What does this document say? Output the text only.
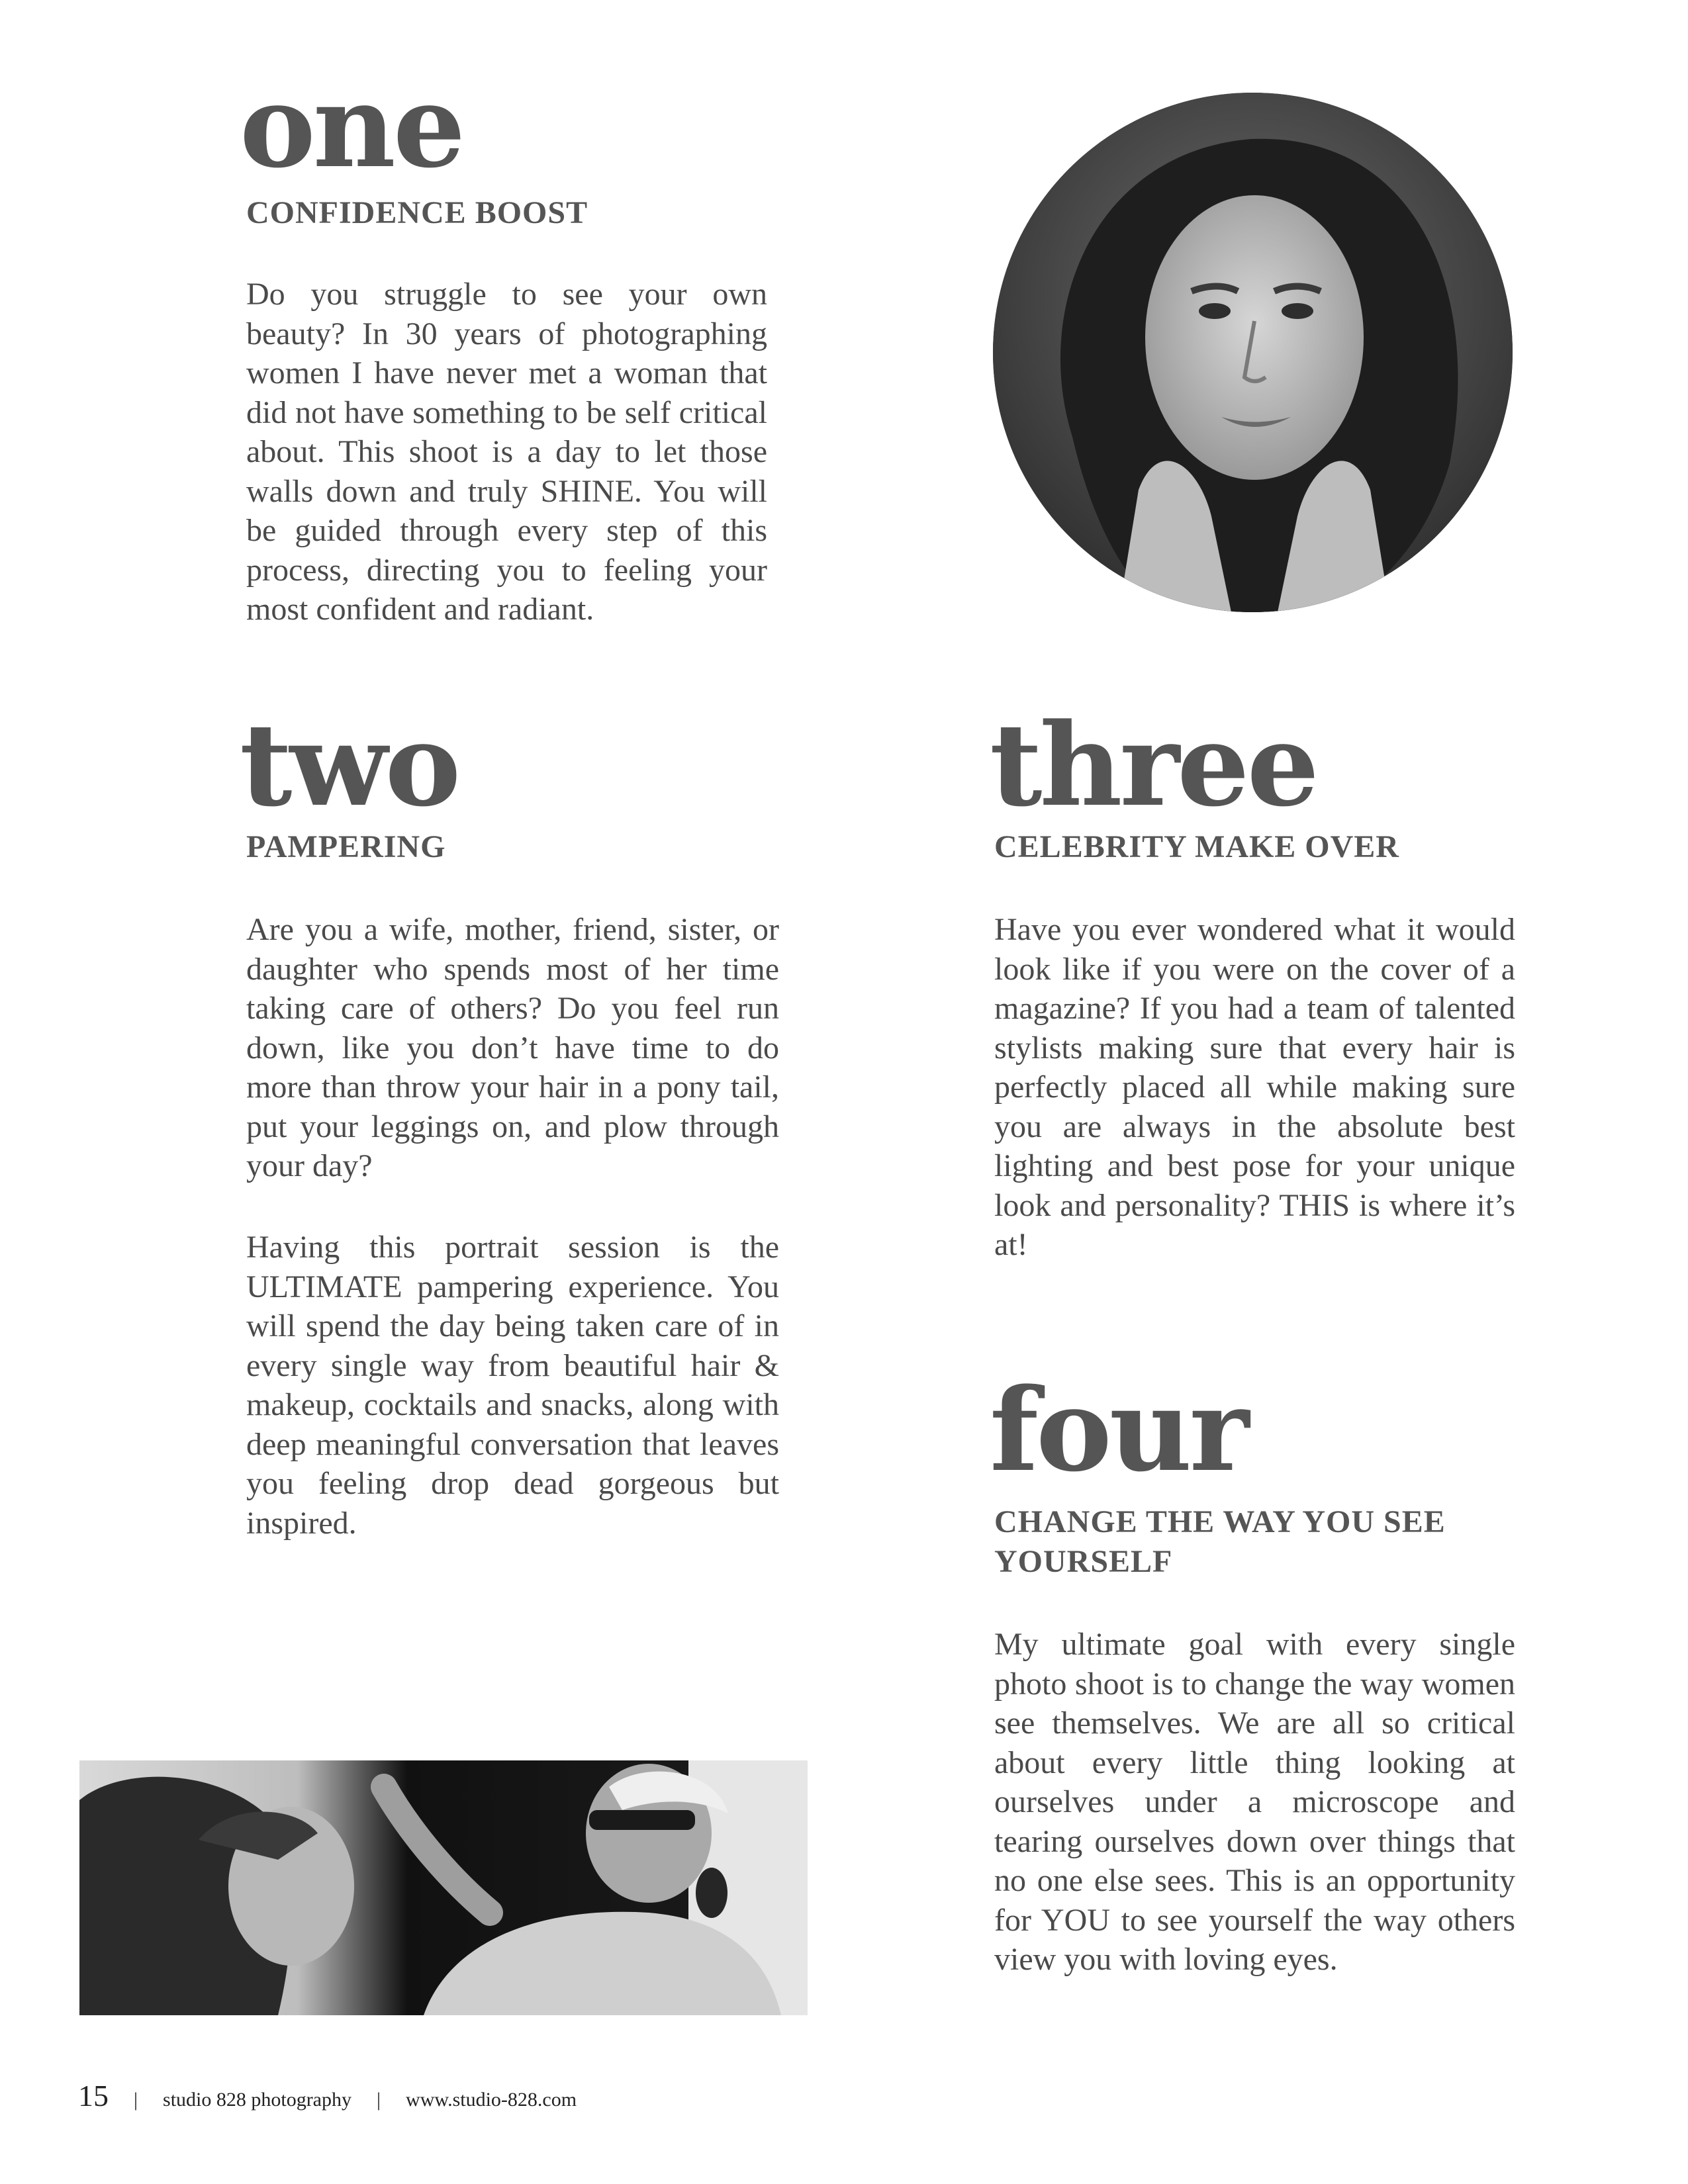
one
CONFIDENCE BOOST

Do you struggle to see your own beauty? In 30 years of photographing women I have never met a woman that did not have something to be self critical about. This shoot is a day to let those walls down and truly SHINE. You will be guided through every step of this process, directing you to feeling your most confident and radiant.

two
PAMPERING

Are you a wife, mother, friend, sister, or daughter who spends most of her time taking care of others? Do you feel run down, like you don’t have time to do more than throw your hair in a pony tail, put your leggings on, and plow through your day?

Having this portrait session is the ULTIMATE pampering experience. You will spend the day being taken care of in every single way from beautiful hair & makeup, cocktails and snacks, along with deep meaningful conversation that leaves you feeling drop dead gorgeous but inspired.

three
CELEBRITY MAKE OVER

Have you ever wondered what it would look like if you were on the cover of a magazine? If you had a team of talented stylists making sure that every hair is perfectly placed all while making sure you are always in the absolute best lighting and best pose for your unique look and personality? THIS is where it’s at!

four
CHANGE THE WAY YOU SEE YOURSELF

My ultimate goal with every single photo shoot is to change the way women see themselves. We are all so critical about every little thing looking at ourselves under a microscope and tearing ourselves down over things that no one else sees. This is an opportunity for YOU to see yourself the way others view you with loving eyes.

15 | studio 828 photography | www.studio-828.com
